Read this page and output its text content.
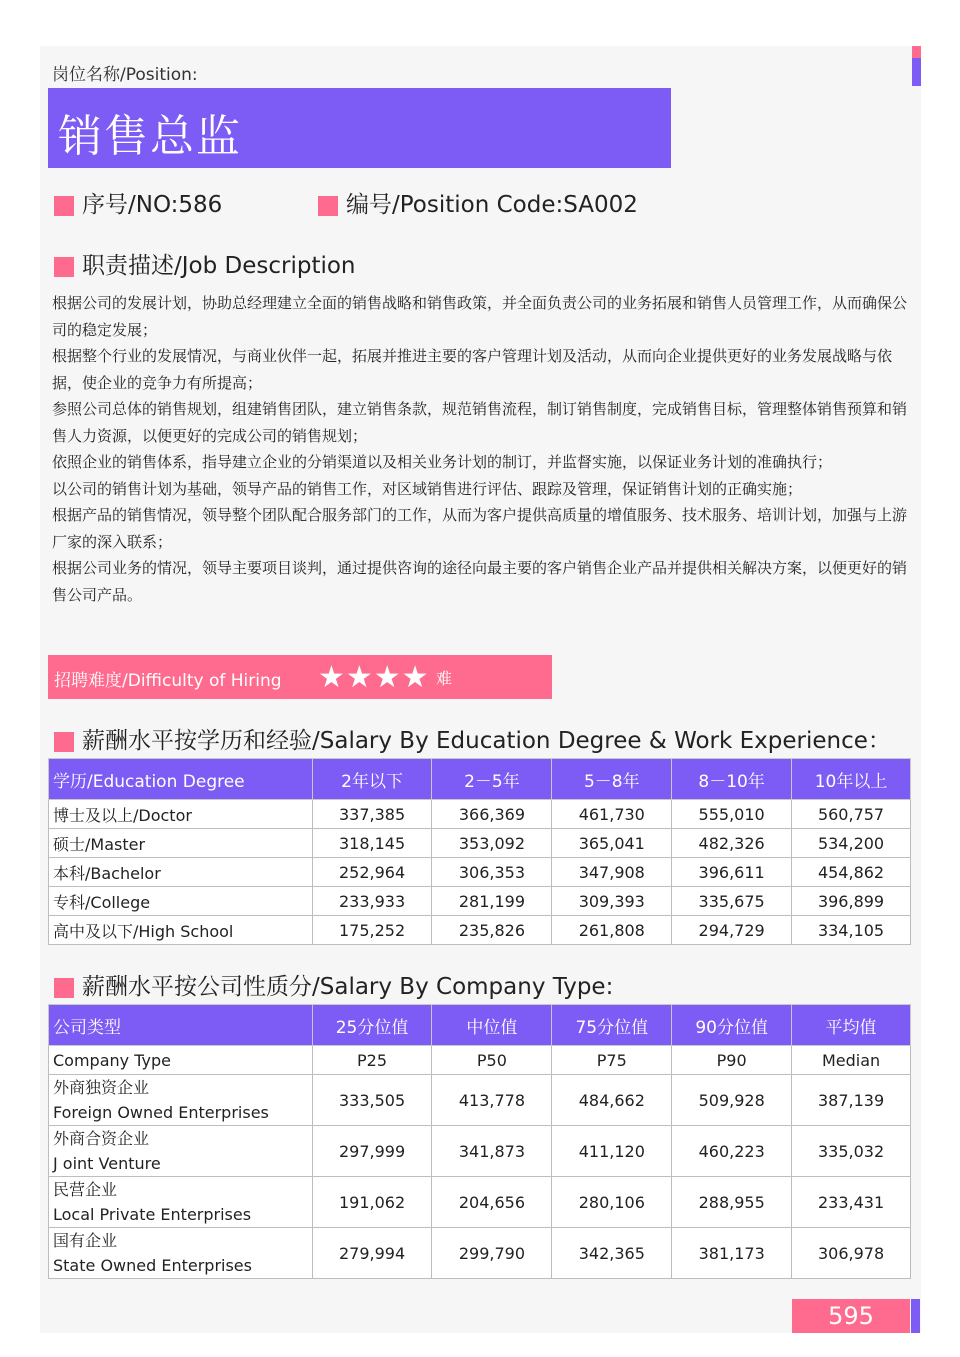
岗位名称/Position:
销售总监
序号/NO:586	编号/Position Code:SA002
职责描述/Job Description

根据公司的发展计划，协助总经理建立全面的销售战略和销售政策，并全面负责公司的业务拓展和销售人员管理工作，从而确保公司的稳定发展；

根据整个行业的发展情况，与商业伙伴一起，拓展并推进主要的客户管理计划及活动，从而向企业提供更好的业务发展战略与依据，使企业的竞争力有所提高；

参照公司总体的销售规划，组建销售团队，建立销售条款，规范销售流程，制订销售制度，完成销售目标，管理整体销售预算和销售人力资源，以便更好的完成公司的销售规划；

依照企业的销售体系，指导建立企业的分销渠道以及相关业务计划的制订，并监督实施，以保证业务计划的准确执行；

以公司的销售计划为基础，领导产品的销售工作，对区域销售进行评估、跟踪及管理，保证销售计划的正确实施；

根据产品的销售情况，领导整个团队配合服务部门的工作，从而为客户提供高质量的增值服务、技术服务、培训计划，加强与上游厂家的深入联系；

根据公司业务的情况，领导主要项目谈判，通过提供咨询的途径向最主要的客户销售企业产品并提供相关解决方案，以便更好的销售公司产品。

招聘难度/Difficulty of Hiring ★★★★ 难
薪酬水平按学历和经验/Salary By Education Degree & Work Experience：
学历/Education Degree	2年以下	2－5年	5－8年	8－10年	10年以上
博士及以上/Doctor	337,385	366,369	461,730	555,010	560,757
硕士/Master	318,145	353,092	365,041	482,326	534,200
本科/Bachelor	252,964	306,353	347,908	396,611	454,862
专科/College	233,933	281,199	309,393	335,675	396,899
高中及以下/High School	175,252	235,826	261,808	294,729	334,105
薪酬水平按公司性质分/Salary By Company Type:
公司类型	25分位值	中位值	75分位值	90分位值	平均值
Company Type	P25	P50	P75	P90	Median

外商独资企业
Foreign Owned Enterprises	333,505	413,778	484,662	509,928	387,139

外商合资企业
J oint Venture	297,999	341,873	411,120	460,223	335,032

民营企业
Local Private Enterprises	191,062	204,656	280,106	288,955	233,431

国有企业
State Owned Enterprises	279,994	299,790	342,365	381,173	306,978
595
